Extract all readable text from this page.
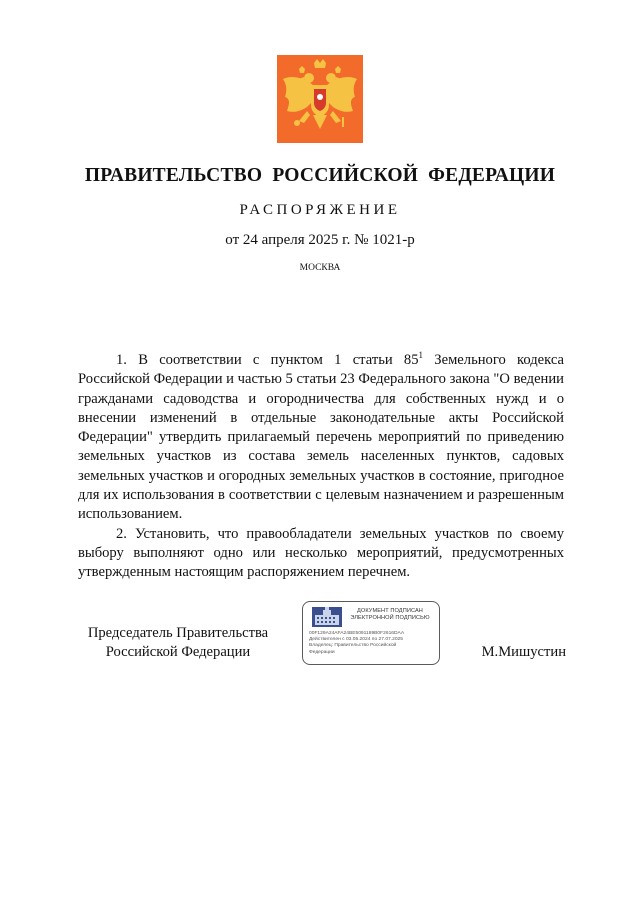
ПРАВИТЕЛЬСТВО РОССИЙСКОЙ ФЕДЕРАЦИИ
РАСПОРЯЖЕНИЕ
от 24 апреля 2025 г. № 1021-р
МОСКВА

1. В соответствии с пунктом 1 статьи $85^1$ Земельного кодекса Российской Федерации и частью 5 статьи 23 Федерального закона "О ведении гражданами садоводства и огородничества для собственных нужд и о внесении изменений в отдельные законодательные акты Российской Федерации" утвердить прилагаемый перечень мероприятий по приведению земельных участков из состава земель населенных пунктов, садовых земельных участков и огородных земельных участков в состояние, пригодное для их использования в соответствии с целевым назначением и разрешенным использованием.

2. Установить, что правообладатели земельных участков по своему выбору выполняют одно или несколько мероприятий, предусмотренных утвержденным настоящим распоряжением перечнем.

Председатель Правительства
Российской Федерации
ДОКУМЕНТ ПОДПИСАН
ЭЛЕКТРОННОЙ ПОДПИСЬЮ
00F129A24AFA24BE5091189B0F2616DAA
Действителен с 03.05.2024 по 27.07.2025
Владелец: Правительство Российской
Федерации	М.Мишустин
